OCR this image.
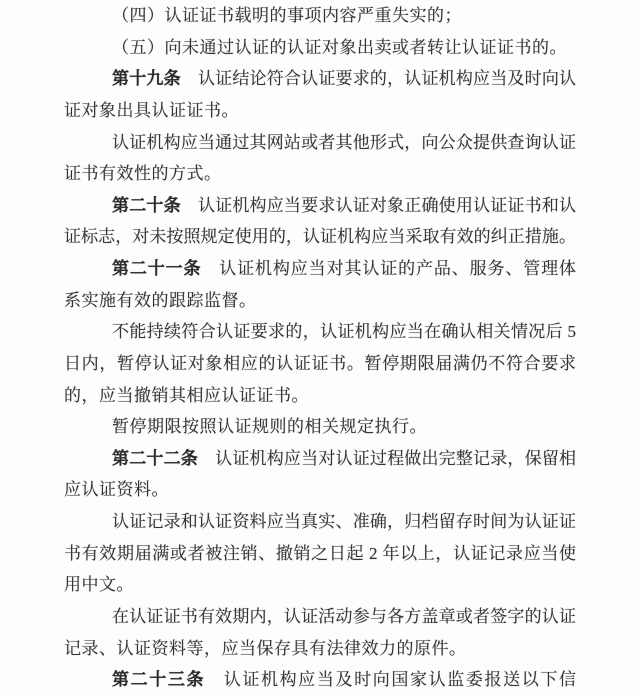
（四）认证证书载明的事项内容严重失实的；
（五）向未通过认证的认证对象出卖或者转让认证证书的。
第十九条　认证结论符合认证要求的，认证机构应当及时向认
证对象出具认证证书。
认证机构应当通过其网站或者其他形式，向公众提供查询认证
证书有效性的方式。
第二十条　认证机构应当要求认证对象正确使用认证证书和认
证标志，对未按照规定使用的，认证机构应当采取有效的纠正措施。
第二十一条　认证机构应当对其认证的产品、服务、管理体
系实施有效的跟踪监督。
不能持续符合认证要求的，认证机构应当在确认相关情况后 5
日内，暂停认证对象相应的认证证书。暂停期限届满仍不符合要求
的，应当撤销其相应认证证书。
暂停期限按照认证规则的相关规定执行。
第二十二条　认证机构应当对认证过程做出完整记录，保留相
应认证资料。
认证记录和认证资料应当真实、准确，归档留存时间为认证证
书有效期届满或者被注销、撤销之日起 2 年以上，认证记录应当使
用中文。
在认证证书有效期内，认证活动参与各方盖章或者签字的认证
记录、认证资料等，应当保存具有法律效力的原件。
第二十三条　认证机构应当及时向国家认监委报送以下信
